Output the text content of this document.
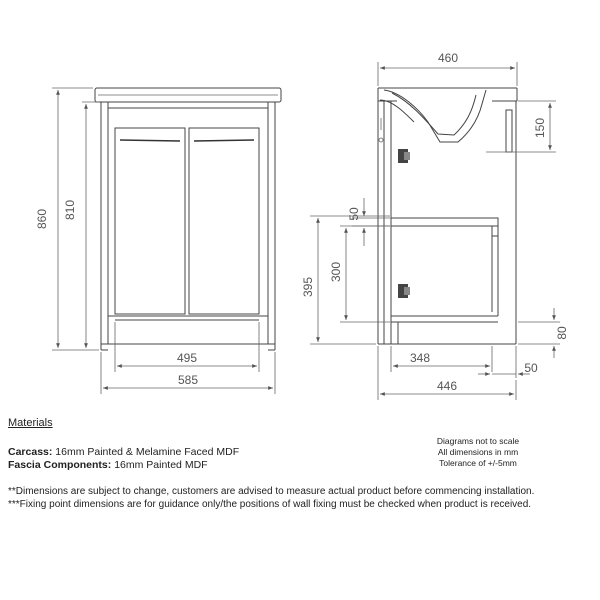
860 810
495
585
460
150
50
300
395
80
348
50
446
Materials
Carcass: 16mm Painted & Melamine Faced MDF
Fascia Components: 16mm Painted MDF
Diagrams not to scale
All dimensions in mm
Tolerance of +/-5mm
**Dimensions are subject to change, customers are advised to measure actual product before commencing installation.
***Fixing point dimensions are for guidance only/the positions of wall fixing must be checked when product is received.
